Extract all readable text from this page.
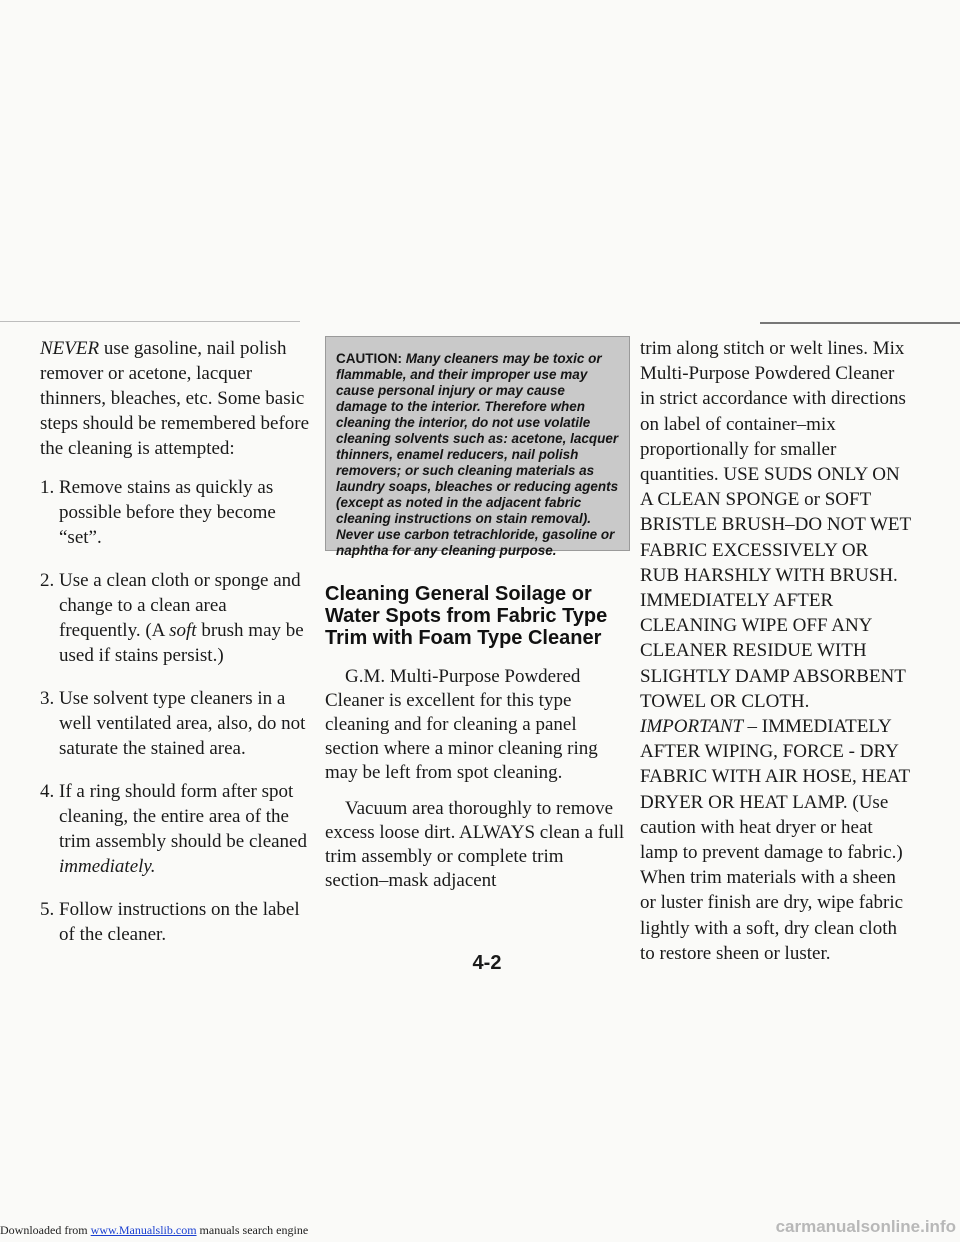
NEVER use gasoline, nail polish remover or acetone, lacquer thinners, bleaches, etc. Some basic steps should be remembered before the cleaning is attempted:

1. Remove stains as quickly as possible before they become “set”.
2. Use a clean cloth or sponge and change to a clean area frequently. (A soft brush may be used if stains persist.)
3. Use solvent type cleaners in a well ventilated area, also, do not saturate the stained area.
4. If a ring should form after spot cleaning, the entire area of the trim assembly should be cleaned immediately.
5. Follow instructions on the label of the cleaner.
CAUTION: Many cleaners may be toxic or flammable, and their improper use may cause personal injury or may cause damage to the interior. Therefore when cleaning the interior, do not use volatile cleaning solvents such as: acetone, lacquer thinners, enamel reducers, nail polish removers; or such cleaning materials as laundry soaps, bleaches or reducing agents (except as noted in the adjacent fabric cleaning instructions on stain removal). Never use carbon tetrachloride, gasoline or naphtha for any cleaning purpose.
Cleaning General Soilage or Water Spots from Fabric Type Trim with Foam Type Cleaner

G.M. Multi-Purpose Powdered Cleaner is excellent for this type cleaning and for cleaning a panel section where a minor cleaning ring may be left from spot cleaning.

Vacuum area thoroughly to remove excess loose dirt. ALWAYS clean a full trim assembly or complete trim section–mask adjacent

trim along stitch or welt lines. Mix Multi-Purpose Powdered Cleaner in strict accordance with directions on label of container–mix proportionally for smaller quantities. USE SUDS ONLY ON A CLEAN SPONGE or SOFT BRISTLE BRUSH–DO NOT WET FABRIC EXCESSIVELY OR RUB HARSHLY WITH BRUSH. IMMEDIATELY AFTER CLEANING WIPE OFF ANY CLEANER RESIDUE WITH SLIGHTLY DAMP ABSORBENT TOWEL OR CLOTH. IMPORTANT – IMMEDIATELY AFTER WIPING, FORCE - DRY FABRIC WITH AIR HOSE, HEAT DRYER OR HEAT LAMP. (Use caution with heat dryer or heat lamp to prevent damage to fabric.) When trim materials with a sheen or luster finish are dry, wipe fabric lightly with a soft, dry clean cloth to restore sheen or luster.

4-2
Downloaded from www.Manualslib.com manuals search engine	carmanualsonline.info
